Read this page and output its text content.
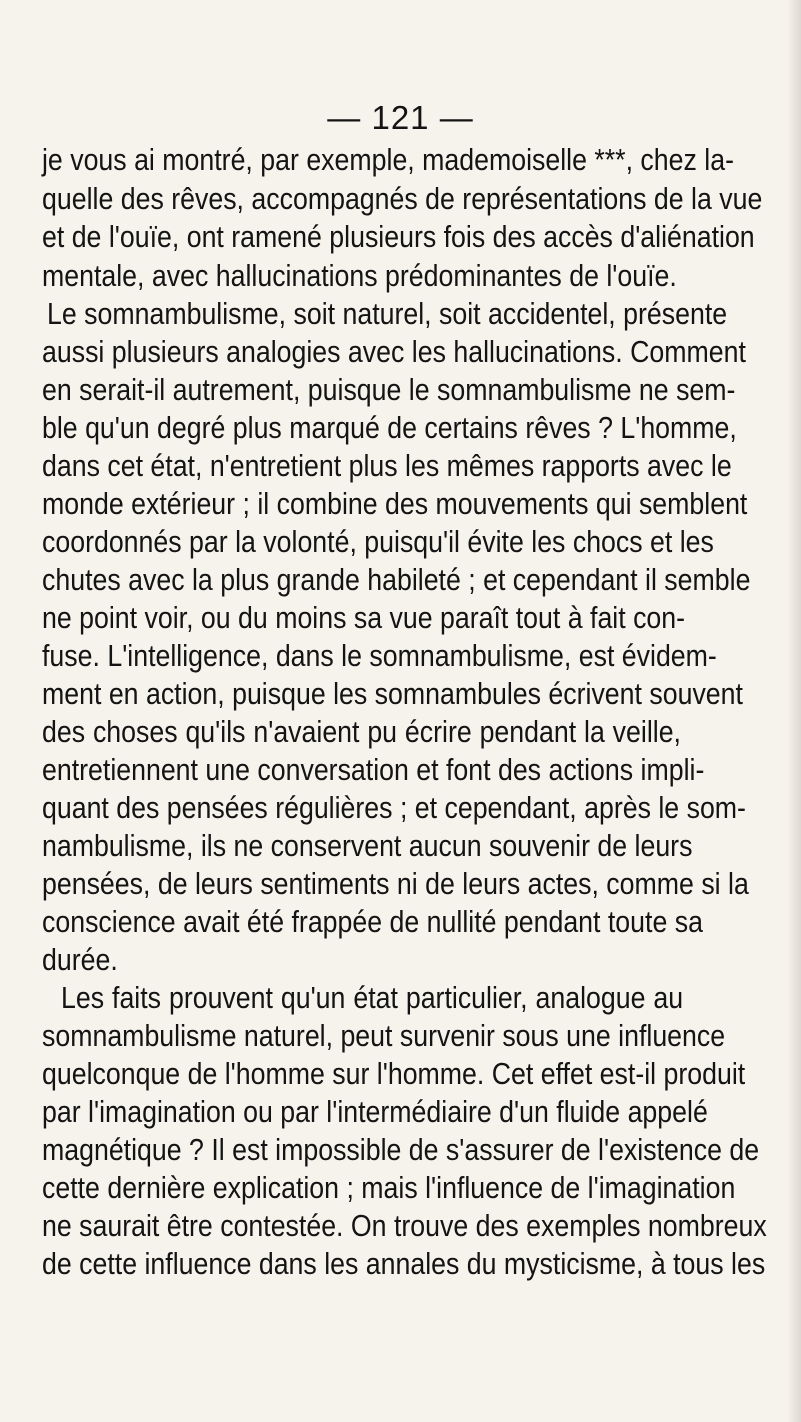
— 121 —
je vous ai montré, par exemple, mademoiselle ***, chez la-
quelle des rêves, accompagnés de représentations de la vue
et de l'ouïe, ont ramené plusieurs fois des accès d'aliénation
mentale, avec hallucinations prédominantes de l'ouïe.
Le somnambulisme, soit naturel, soit accidentel, présente
aussi plusieurs analogies avec les hallucinations. Comment
en serait-il autrement, puisque le somnambulisme ne sem-
ble qu'un degré plus marqué de certains rêves ? L'homme,
dans cet état, n'entretient plus les mêmes rapports avec le
monde extérieur ; il combine des mouvements qui semblent
coordonnés par la volonté, puisqu'il évite les chocs et les
chutes avec la plus grande habileté ; et cependant il semble
ne point voir, ou du moins sa vue paraît tout à fait con-
fuse. L'intelligence, dans le somnambulisme, est évidem-
ment en action, puisque les somnambules écrivent souvent
des choses qu'ils n'avaient pu écrire pendant la veille,
entretiennent une conversation et font des actions impli-
quant des pensées régulières ; et cependant, après le som-
nambulisme, ils ne conservent aucun souvenir de leurs
pensées, de leurs sentiments ni de leurs actes, comme si la
conscience avait été frappée de nullité pendant toute sa
durée.
Les faits prouvent qu'un état particulier, analogue au
somnambulisme naturel, peut survenir sous une influence
quelconque de l'homme sur l'homme. Cet effet est-il produit
par l'imagination ou par l'intermédiaire d'un fluide appelé
magnétique ? Il est impossible de s'assurer de l'existence de
cette dernière explication ; mais l'influence de l'imagination
ne saurait être contestée. On trouve des exemples nombreux
de cette influence dans les annales du mysticisme, à tous les
